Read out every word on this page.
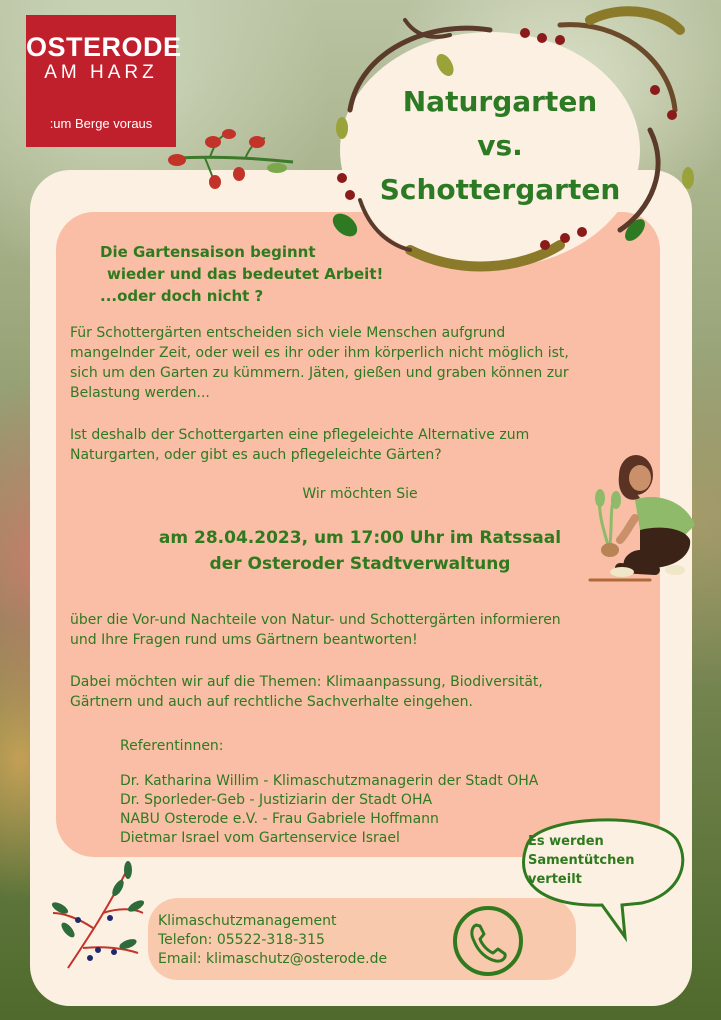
OSTERODE
AM HARZ
:um Berge voraus
Naturgarten
vs.
Schottergarten
Die Gartensaison beginnt
wieder und das bedeutet Arbeit!
...oder doch nicht ?
Für Schottergärten entscheiden sich viele Menschen aufgrund
mangelnder Zeit, oder weil es ihr oder ihm körperlich nicht möglich ist,
sich um den Garten zu kümmern. Jäten, gießen und graben können zur
Belastung werden...
Ist deshalb der Schottergarten eine pflegeleichte Alternative zum
Naturgarten, oder gibt es auch pflegeleichte Gärten?
Wir möchten Sie
am 28.04.2023, um 17:00 Uhr im Ratssaal
der Osteroder Stadtverwaltung
über die Vor-und Nachteile von Natur- und Schottergärten informieren
und Ihre Fragen rund ums Gärtnern beantworten!
Dabei möchten wir auf die Themen: Klimaanpassung, Biodiversität,
Gärtnern und auch auf rechtliche Sachverhalte eingehen.
Referentinnen:
Dr. Katharina Willim - Klimaschutzmanagerin der Stadt OHA
Dr. Sporleder-Geb - Justiziarin der Stadt OHA
NABU Osterode e.V. - Frau Gabriele Hoffmann
Dietmar Israel vom Gartenservice Israel	Es werden
Samentütchen
verteilt
Klimaschutzmanagement
Telefon: 05522-318-315
Email: klimaschutz@osterode.de
